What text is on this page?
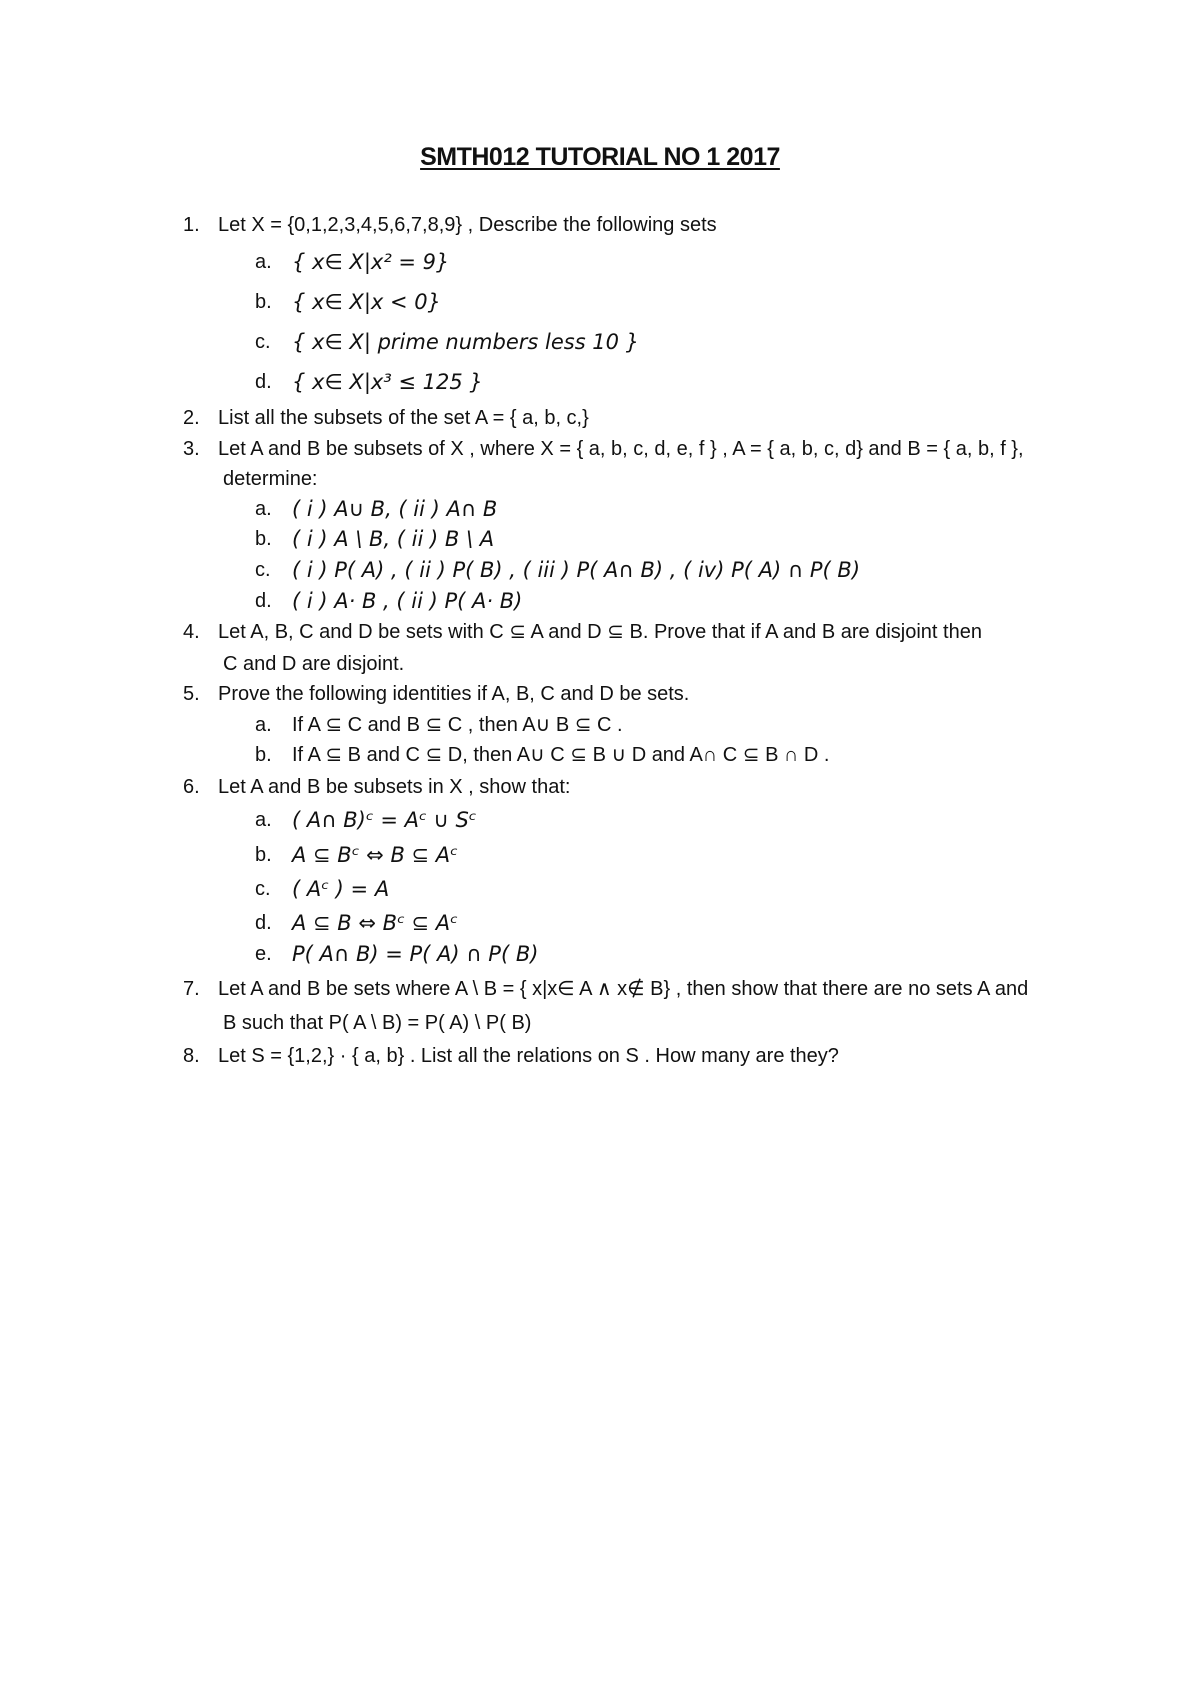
SMTH012 TUTORIAL NO 1 2017
1. Let X = {0,1,2,3,4,5,6,7,8,9} , Describe the following sets
a. { x∈ X|x² = 9}
b. { x∈ X|x < 0}
c. { x∈ X| prime numbers less 10 }
d. { x∈ X|x³ ≤ 125 }
2. List all the subsets of the set A = { a, b, c,}
3. Let A and B be subsets of X , where X = { a, b, c, d, e, f } , A = { a, b, c, d} and B = { a, b, f },
determine:
a. ( i ) A∪ B, ( ii ) A∩ B
b. ( i ) A \ B, ( ii ) B \ A
c. ( i ) P( A) , ( ii ) P( B) , ( iii ) P( A∩ B) , ( iv) P( A) ∩ P( B)
d. ( i ) A· B , ( ii ) P( A· B)
4. Let A, B, C and D be sets with C ⊆ A and D ⊆ B. Prove that if A and B are disjoint then
C and D are disjoint.
5. Prove the following identities if A, B, C and D be sets.
a. If A ⊆ C and B ⊆ C , then A∪ B ⊆ C .
b. If A ⊆ B and C ⊆ D, then A∪ C ⊆ B ∪ D and A∩ C ⊆ B ∩ D .
6. Let A and B be subsets in X , show that:
a. ( A∩ B)ᶜ = Aᶜ ∪ Sᶜ
b. A ⊆ Bᶜ ⇔ B ⊆ Aᶜ
c. ( Aᶜ ) = A
d. A ⊆ B ⇔ Bᶜ ⊆ Aᶜ
e. P( A∩ B) = P( A) ∩ P( B)
7. Let A and B be sets where A \ B = { x|x∈ A ∧ x∉ B} , then show that there are no sets A and
B such that P( A \ B) = P( A) \ P( B)
8. Let S = {1,2,} · { a, b} . List all the relations on S . How many are they?
